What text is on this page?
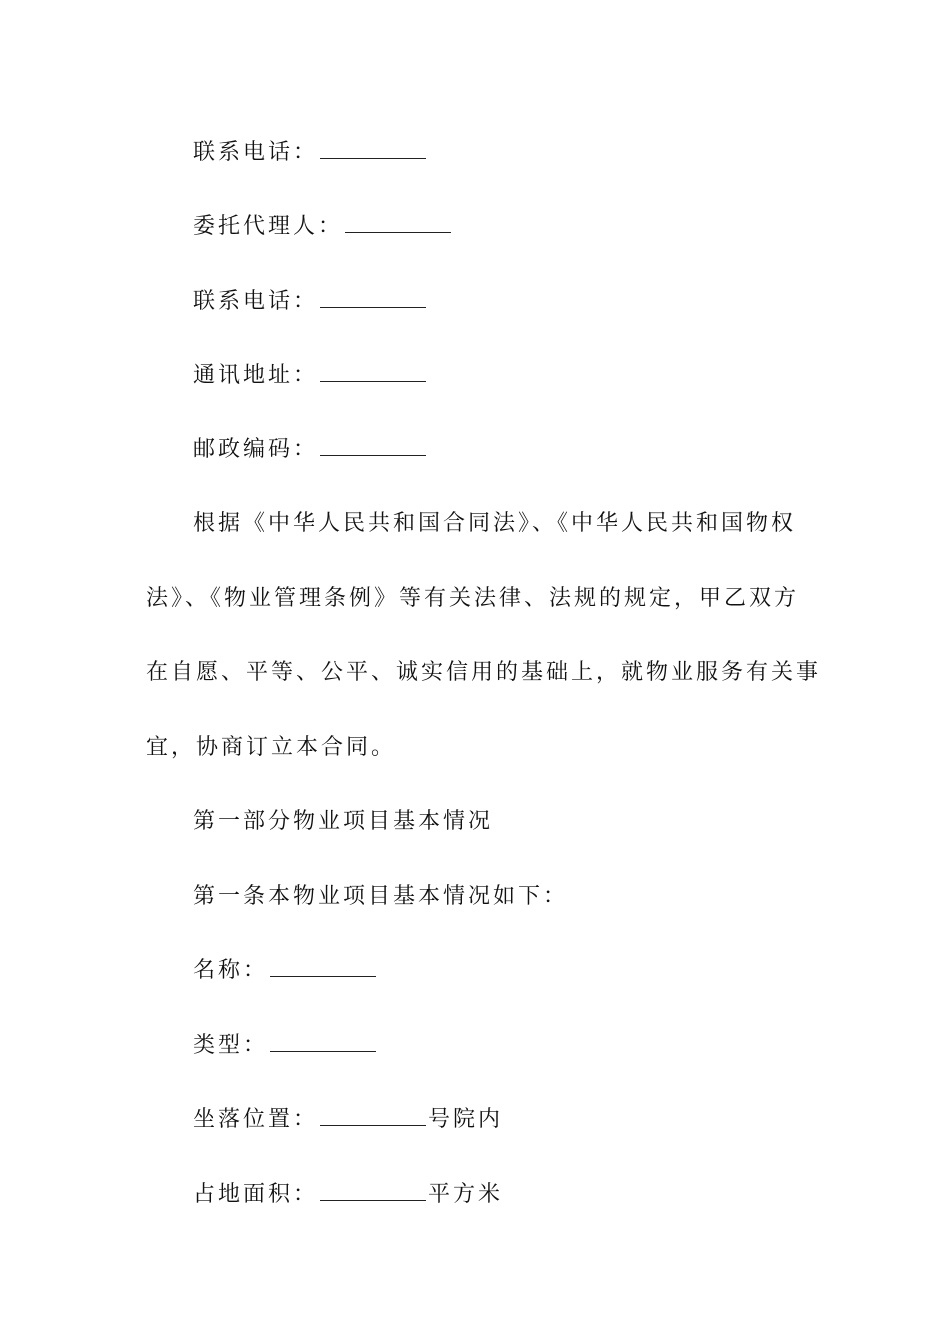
联系电话：
委托代理人：
联系电话：
通讯地址：
邮政编码：
根据《中华人民共和国合同法》、《中华人民共和国物权
法》、《物业管理条例》等有关法律、法规的规定，甲乙双方
在自愿、平等、公平、诚实信用的基础上，就物业服务有关事
宜，协商订立本合同。
第一部分物业项目基本情况
第一条本物业项目基本情况如下：
名称：
类型：
坐落位置：	号院内
占地面积：	平方米
